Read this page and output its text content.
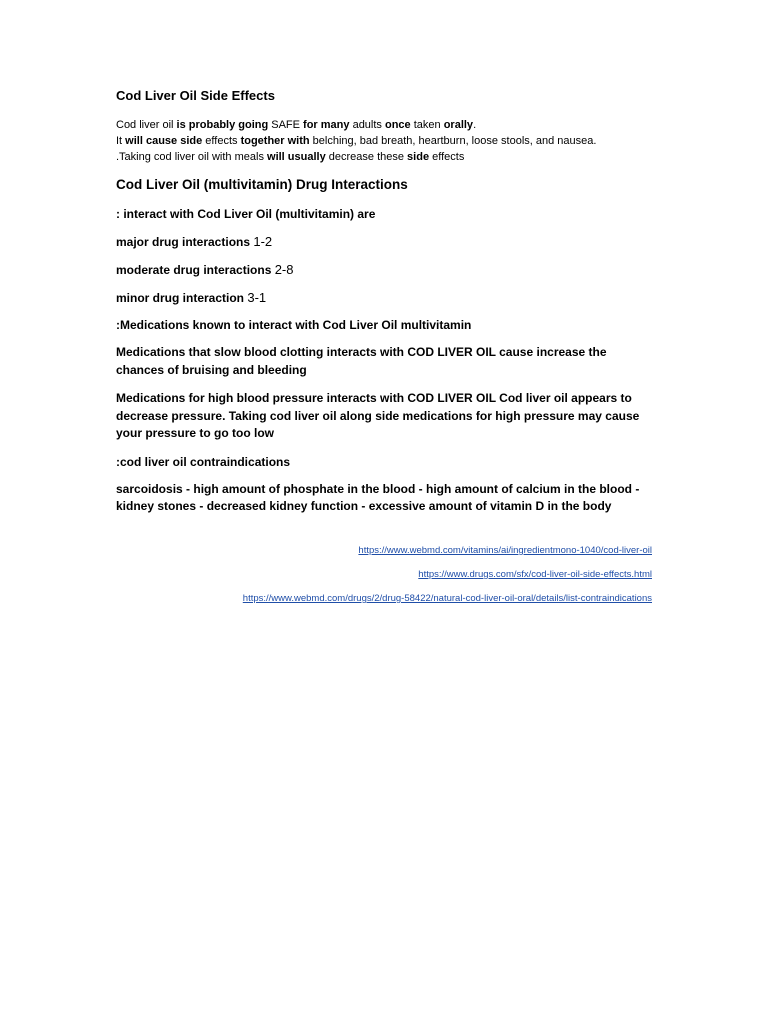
Cod Liver Oil Side Effects

Cod liver oil is probably going SAFE for many adults once taken orally.

It will cause side effects together with belching, bad breath, heartburn, loose stools, and nausea.

.Taking cod liver oil with meals will usually decrease these side effects

Cod Liver Oil (multivitamin) Drug Interactions
: interact with Cod Liver Oil (multivitamin) are
major drug interactions 1-2
moderate drug interactions 2-8
minor drug interaction 3-1
:Medications known to interact with Cod Liver Oil multivitamin
Medications that slow blood clotting interacts with COD LIVER OIL cause increase the chances of bruising and bleeding
Medications for high blood pressure interacts with COD LIVER OIL Cod liver oil appears to decrease pressure. Taking cod liver oil along side medications for high pressure may cause your pressure to go too low
:cod liver oil contraindications
sarcoidosis - high amount of phosphate in the blood - high amount of calcium in the blood - kidney stones - decreased kidney function - excessive amount of vitamin D in the body
https://www.webmd.com/vitamins/ai/ingredientmono-1040/cod-liver-oil
https://www.drugs.com/sfx/cod-liver-oil-side-effects.html
https://www.webmd.com/drugs/2/drug-58422/natural-cod-liver-oil-oral/details/list-contraindications
